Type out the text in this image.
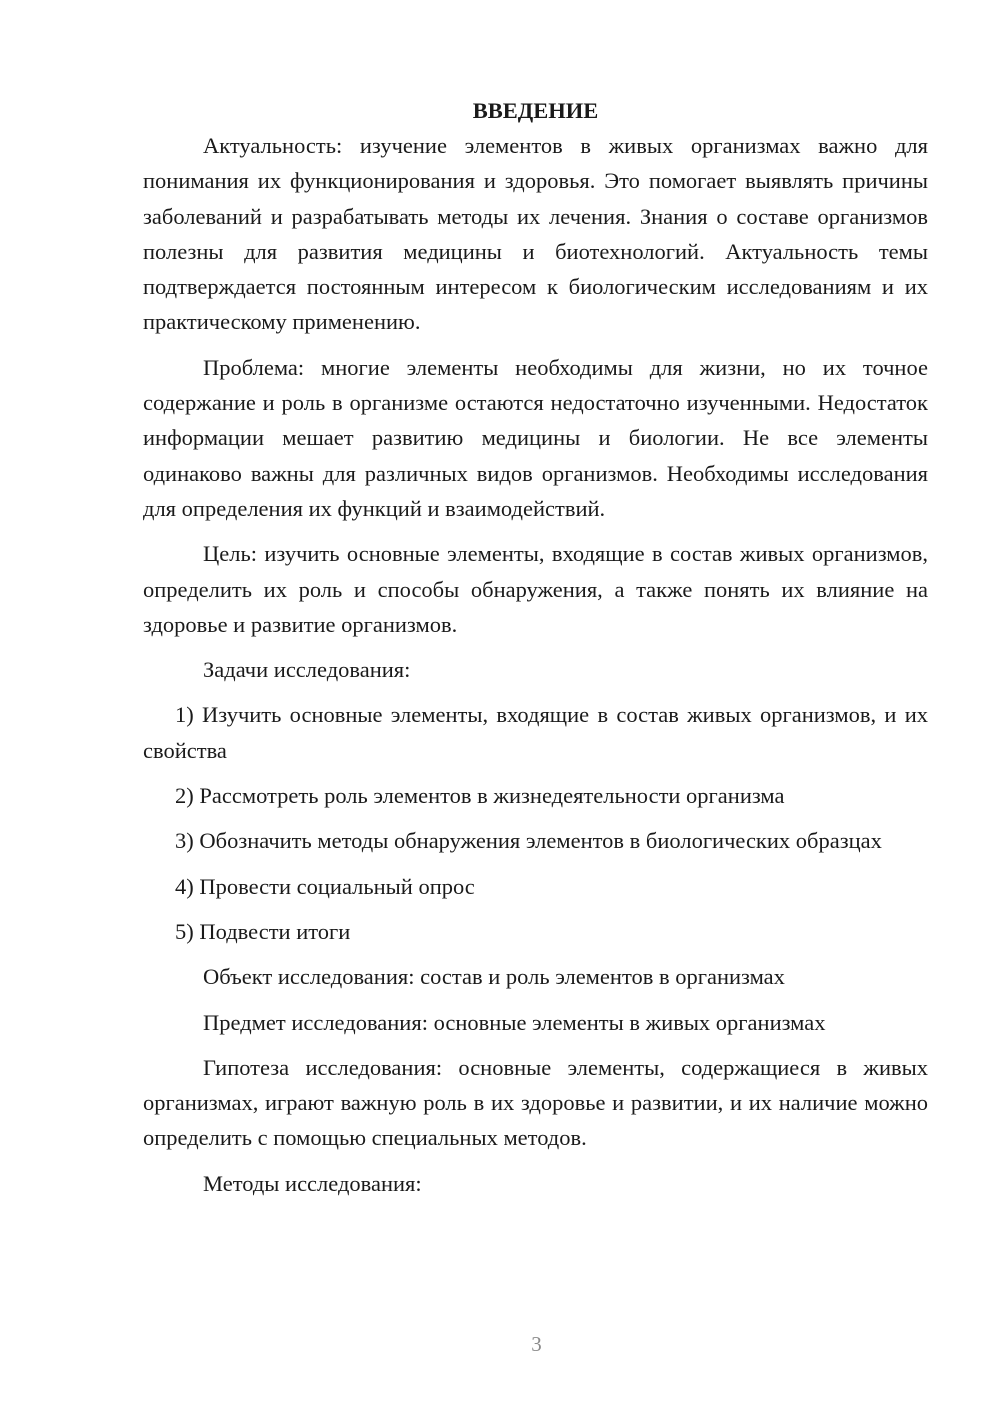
ВВЕДЕНИЕ

Актуальность: изучение элементов в живых организмах важно для понимания их функционирования и здоровья. Это помогает выявлять причины заболеваний и разрабатывать методы их лечения. Знания о составе организмов полезны для развития медицины и биотехнологий. Актуальность темы подтверждается постоянным интересом к биологическим исследованиям и их практическому применению.

Проблема: многие элементы необходимы для жизни, но их точное содержание и роль в организме остаются недостаточно изученными. Недостаток информации мешает развитию медицины и биологии. Не все элементы одинаково важны для различных видов организмов. Необходимы исследования для определения их функций и взаимодействий.

Цель: изучить основные элементы, входящие в состав живых организмов, определить их роль и способы обнаружения, а также понять их влияние на здоровье и развитие организмов.

Задачи исследования:

1) Изучить основные элементы, входящие в состав живых организмов, и их свойства

2) Рассмотреть роль элементов в жизнедеятельности организма

3) Обозначить методы обнаружения элементов в биологических образцах

4) Провести социальный опрос

5) Подвести итоги

Объект исследования: состав и роль элементов в организмах

Предмет исследования: основные элементы в живых организмах

Гипотеза исследования: основные элементы, содержащиеся в живых организмах, играют важную роль в их здоровье и развитии, и их наличие можно определить с помощью специальных методов.

Методы исследования:

3
